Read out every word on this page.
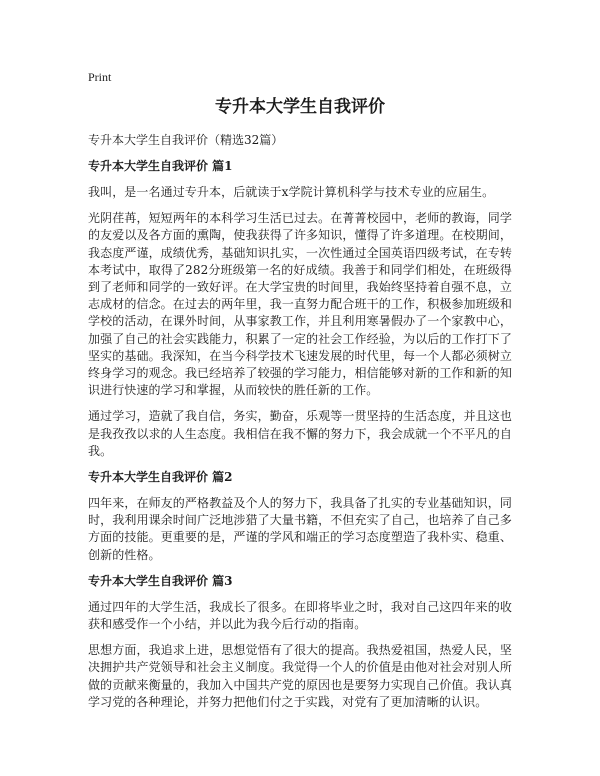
Print
专升本大学生自我评价
专升本大学生自我评价（精选32篇）
专升本大学生自我评价 篇1

我叫，是一名通过专升本，后就读于x学院计算机科学与技术专业的应届生。

光阴荏苒，短短两年的本科学习生活已过去。在菁菁校园中，老师的教诲，同学的友爱以及各方面的熏陶，使我获得了许多知识，懂得了许多道理。在校期间，我态度严谨，成绩优秀，基础知识扎实，一次性通过全国英语四级考试，在专转本考试中，取得了282分班级第一名的好成绩。我善于和同学们相处，在班级得到了老师和同学的一致好评。在大学宝贵的时间里，我始终坚持着自强不息，立志成材的信念。在过去的两年里，我一直努力配合班干的工作，积极参加班级和学校的活动，在课外时间，从事家教工作，并且利用寒暑假办了一个家教中心，加强了自己的社会实践能力，积累了一定的社会工作经验，为以后的工作打下了坚实的基础。我深知，在当今科学技术飞速发展的时代里，每一个人都必须树立终身学习的观念。我已经培养了较强的学习能力，相信能够对新的工作和新的知识进行快速的学习和掌握，从而较快的胜任新的工作。

通过学习，造就了我自信，务实，勤奋，乐观等一贯坚持的生活态度，并且这也是我孜孜以求的人生态度。我相信在我不懈的努力下，我会成就一个不平凡的自我。

专升本大学生自我评价 篇2

四年来，在师友的严格教益及个人的努力下，我具备了扎实的专业基础知识，同时，我利用课余时间广泛地涉猎了大量书籍，不但充实了自己，也培养了自己多方面的技能。更重要的是，严谨的学风和端正的学习态度塑造了我朴实、稳重、创新的性格。

专升本大学生自我评价 篇3

通过四年的大学生活，我成长了很多。在即将毕业之时，我对自己这四年来的收获和感受作一个小结，并以此为我今后行动的指南。

思想方面，我追求上进，思想觉悟有了很大的提高。我热爱祖国，热爱人民，坚决拥护共产党领导和社会主义制度。我觉得一个人的价值是由他对社会对别人所做的贡献来衡量的，我加入中国共产党的原因也是要努力实现自己价值。我认真学习党的各种理论，并努力把他们付之于实践，对党有了更加清晰的认识。
